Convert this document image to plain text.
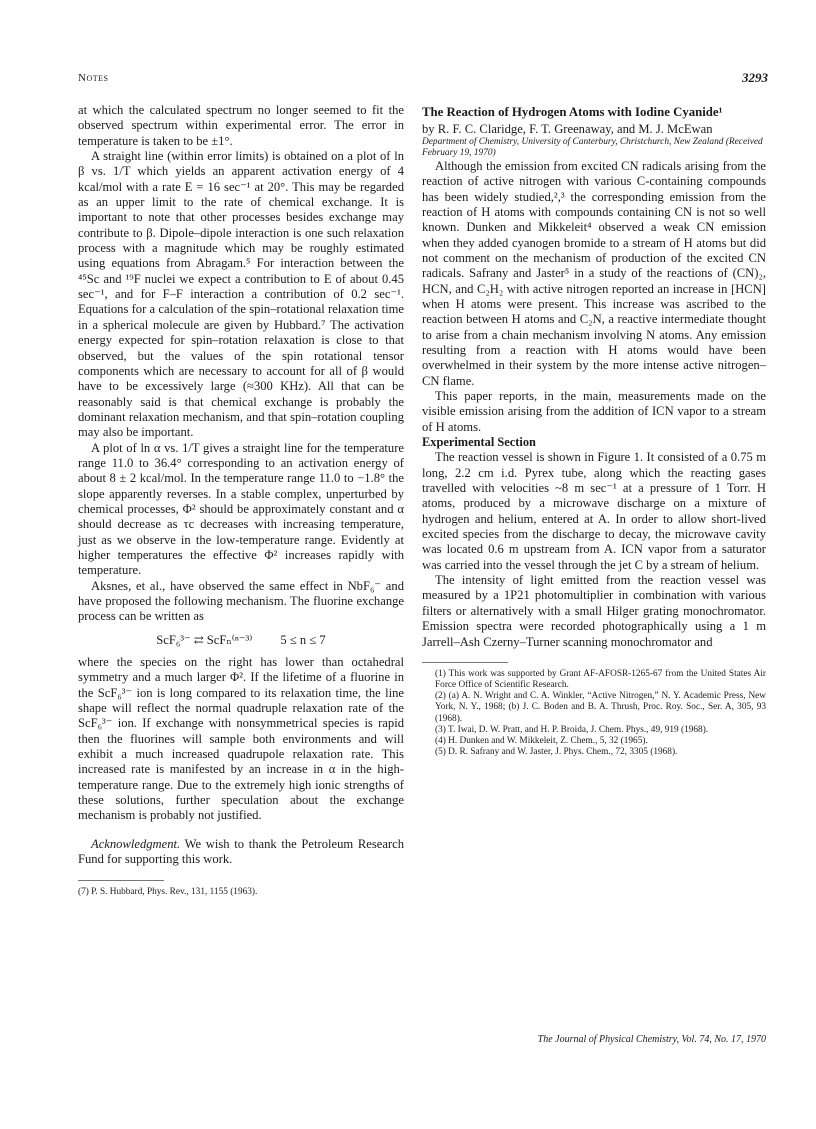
Notes	3293

at which the calculated spectrum no longer seemed to fit the observed spectrum within experimental error. The error in temperature is taken to be ±1°.

A straight line (within error limits) is obtained on a plot of ln β vs. 1/T which yields an apparent activation energy of 4 kcal/mol with a rate E = 16 sec⁻¹ at 20°. This may be regarded as an upper limit to the rate of chemical exchange. It is important to note that other processes besides exchange may contribute to β. Dipole–dipole interaction is one such relaxation process with a magnitude which may be roughly estimated using equations from Abragam.⁵ For interaction between the ⁴⁵Sc and ¹⁹F nuclei we expect a contribution to E of about 0.45 sec⁻¹, and for F–F interaction a contribution of 0.2 sec⁻¹. Equations for a calculation of the spin–rotational relaxation time in a spherical molecule are given by Hubbard.⁷ The activation energy expected for spin–rotation relaxation is close to that observed, but the values of the spin rotational tensor components which are necessary to account for all of β would have to be excessively large (≈300 KHz). All that can be reasonably said is that chemical exchange is probably the dominant relaxation mechanism, and that spin–rotation coupling may also be important.

A plot of ln α vs. 1/T gives a straight line for the temperature range 11.0 to 36.4° corresponding to an activation energy of about 8 ± 2 kcal/mol. In the temperature range 11.0 to −1.8° the slope apparently reverses. In a stable complex, unperturbed by chemical processes, Φ² should be approximately constant and α should decrease as τc decreases with increasing temperature, just as we observe in the low-temperature range. Evidently at higher temperatures the effective Φ² increases rapidly with temperature.

Aksnes, et al., have observed the same effect in NbF₆⁻ and have proposed the following mechanism. The fluorine exchange process can be written as

ScF₆³⁻ ⇄ ScFₙ⁽ⁿ⁻³⁾ 5 ≤ n ≤ 7

where the species on the right has lower than octahedral symmetry and a much larger Φ². If the lifetime of a fluorine in the ScF₆³⁻ ion is long compared to its relaxation time, the line shape will reflect the normal quadruple relaxation rate of the ScF₆³⁻ ion. If exchange with nonsymmetrical species is rapid then the fluorines will sample both environments and will exhibit a much increased quadrupole relaxation rate. This increased rate is manifested by an increase in α in the high-temperature range. Due to the extremely high ionic strengths of these solutions, further speculation about the exchange mechanism is probably not justified.

Acknowledgment. We wish to thank the Petroleum Research Fund for supporting this work.

(7) P. S. Hubbard, Phys. Rev., 131, 1155 (1963).

The Reaction of Hydrogen Atoms with Iodine Cyanide¹

by R. F. C. Claridge, F. T. Greenaway, and M. J. McEwan

Department of Chemistry, University of Canterbury, Christchurch, New Zealand (Received February 19, 1970)

Although the emission from excited CN radicals arising from the reaction of active nitrogen with various C-containing compounds has been widely studied,²,³ the corresponding emission from the reaction of H atoms with compounds containing CN is not so well known. Dunken and Mikkeleit⁴ observed a weak CN emission when they added cyanogen bromide to a stream of H atoms but did not comment on the mechanism of production of the excited CN radicals. Safrany and Jaster⁵ in a study of the reactions of (CN)₂, HCN, and C₂H₂ with active nitrogen reported an increase in [HCN] when H atoms were present. This increase was ascribed to the reaction between H atoms and C₂N, a reactive intermediate thought to arise from a chain mechanism involving N atoms. Any emission resulting from a reaction with H atoms would have been overwhelmed in their system by the more intense active nitrogen–CN flame.

This paper reports, in the main, measurements made on the visible emission arising from the addition of ICN vapor to a stream of H atoms.

Experimental Section

The reaction vessel is shown in Figure 1. It consisted of a 0.75 m long, 2.2 cm i.d. Pyrex tube, along which the reacting gases travelled with velocities ~8 m sec⁻¹ at a pressure of 1 Torr. H atoms, produced by a microwave discharge on a mixture of hydrogen and helium, entered at A. In order to allow short-lived excited species from the discharge to decay, the microwave cavity was located 0.6 m upstream from A. ICN vapor from a saturator was carried into the vessel through the jet C by a stream of helium.

The intensity of light emitted from the reaction vessel was measured by a 1P21 photomultiplier in combination with various filters or alternatively with a small Hilger grating monochromator. Emission spectra were recorded photographically using a 1 m Jarrell–Ash Czerny–Turner scanning monochromator and

(1) This work was supported by Grant AF-AFOSR-1265-67 from the United States Air Force Office of Scientific Research.

(2) (a) A. N. Wright and C. A. Winkler, “Active Nitrogen,” N. Y. Academic Press, New York, N. Y., 1968; (b) J. C. Boden and B. A. Thrush, Proc. Roy. Soc., Ser. A, 305, 93 (1968).

(3) T. Iwai, D. W. Pratt, and H. P. Broida, J. Chem. Phys., 49, 919 (1968).

(4) H. Dunken and W. Mikkeleit, Z. Chem., 5, 32 (1965).

(5) D. R. Safrany and W. Jaster, J. Phys. Chem., 72, 3305 (1968).

The Journal of Physical Chemistry, Vol. 74, No. 17, 1970
